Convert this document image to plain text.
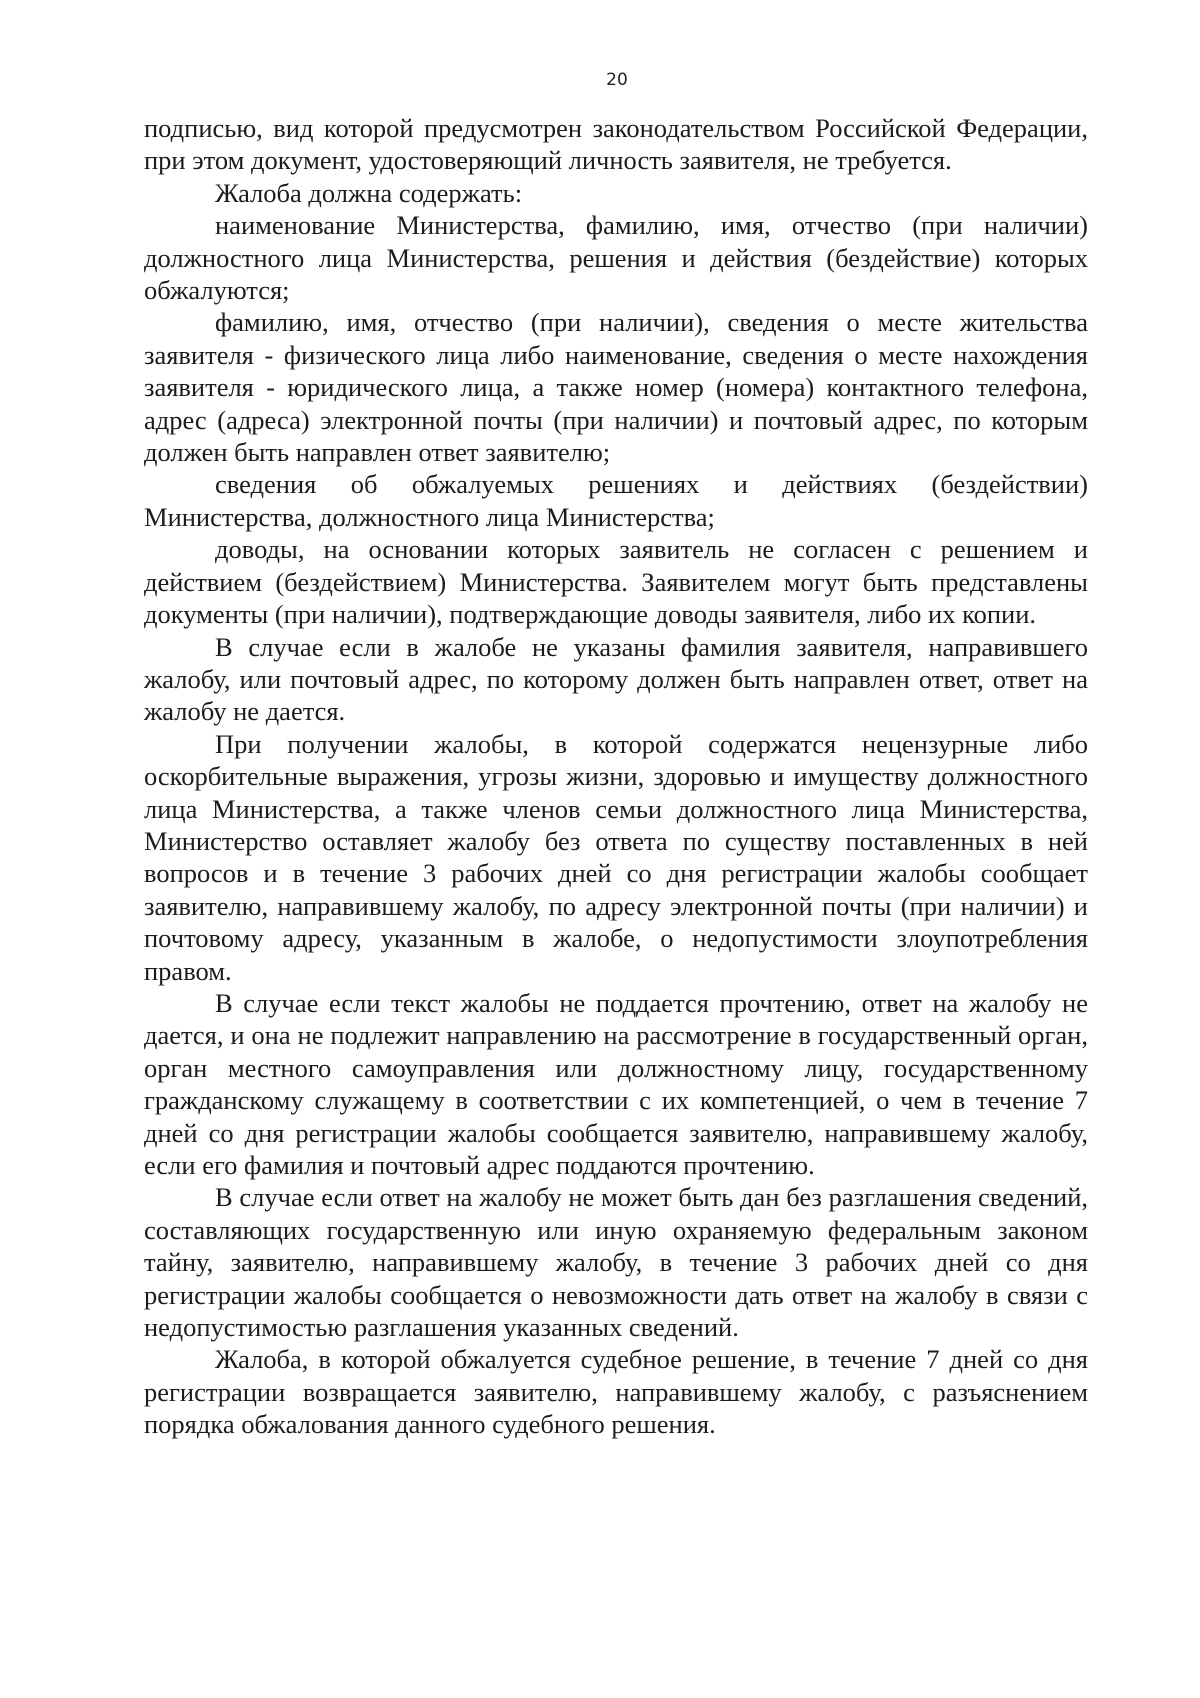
20

подписью, вид которой предусмотрен законодательством Российской Федерации, при этом документ, удостоверяющий личность заявителя, не требуется.

Жалоба должна содержать:

наименование Министерства, фамилию, имя, отчество (при наличии) должностного лица Министерства, решения и действия (бездействие) которых обжалуются;

фамилию, имя, отчество (при наличии), сведения о месте жительства заявителя - физического лица либо наименование, сведения о месте нахождения заявителя - юридического лица, а также номер (номера) контактного телефона, адрес (адреса) электронной почты (при наличии) и почтовый адрес, по которым должен быть направлен ответ заявителю;

сведения об обжалуемых решениях и действиях (бездействии) Министерства, должностного лица Министерства;

доводы, на основании которых заявитель не согласен с решением и действием (бездействием) Министерства. Заявителем могут быть представлены документы (при наличии), подтверждающие доводы заявителя, либо их копии.

В случае если в жалобе не указаны фамилия заявителя, направившего жалобу, или почтовый адрес, по которому должен быть направлен ответ, ответ на жалобу не дается.

При получении жалобы, в которой содержатся нецензурные либо оскорбительные выражения, угрозы жизни, здоровью и имуществу должностного лица Министерства, а также членов семьи должностного лица Министерства, Министерство оставляет жалобу без ответа по существу поставленных в ней вопросов и в течение 3 рабочих дней со дня регистрации жалобы сообщает заявителю, направившему жалобу, по адресу электронной почты (при наличии) и почтовому адресу, указанным в жалобе, о недопустимости злоупотребления правом.

В случае если текст жалобы не поддается прочтению, ответ на жалобу не дается, и она не подлежит направлению на рассмотрение в государственный орган, орган местного самоуправления или должностному лицу, государственному гражданскому служащему в соответствии с их компетенцией, о чем в течение 7 дней со дня регистрации жалобы сообщается заявителю, направившему жалобу, если его фамилия и почтовый адрес поддаются прочтению.

В случае если ответ на жалобу не может быть дан без разглашения сведений, составляющих государственную или иную охраняемую федеральным законом тайну, заявителю, направившему жалобу, в течение 3 рабочих дней со дня регистрации жалобы сообщается о невозможности дать ответ на жалобу в связи с недопустимостью разглашения указанных сведений.

Жалоба, в которой обжалуется судебное решение, в течение 7 дней со дня регистрации возвращается заявителю, направившему жалобу, с разъяснением порядка обжалования данного судебного решения.
